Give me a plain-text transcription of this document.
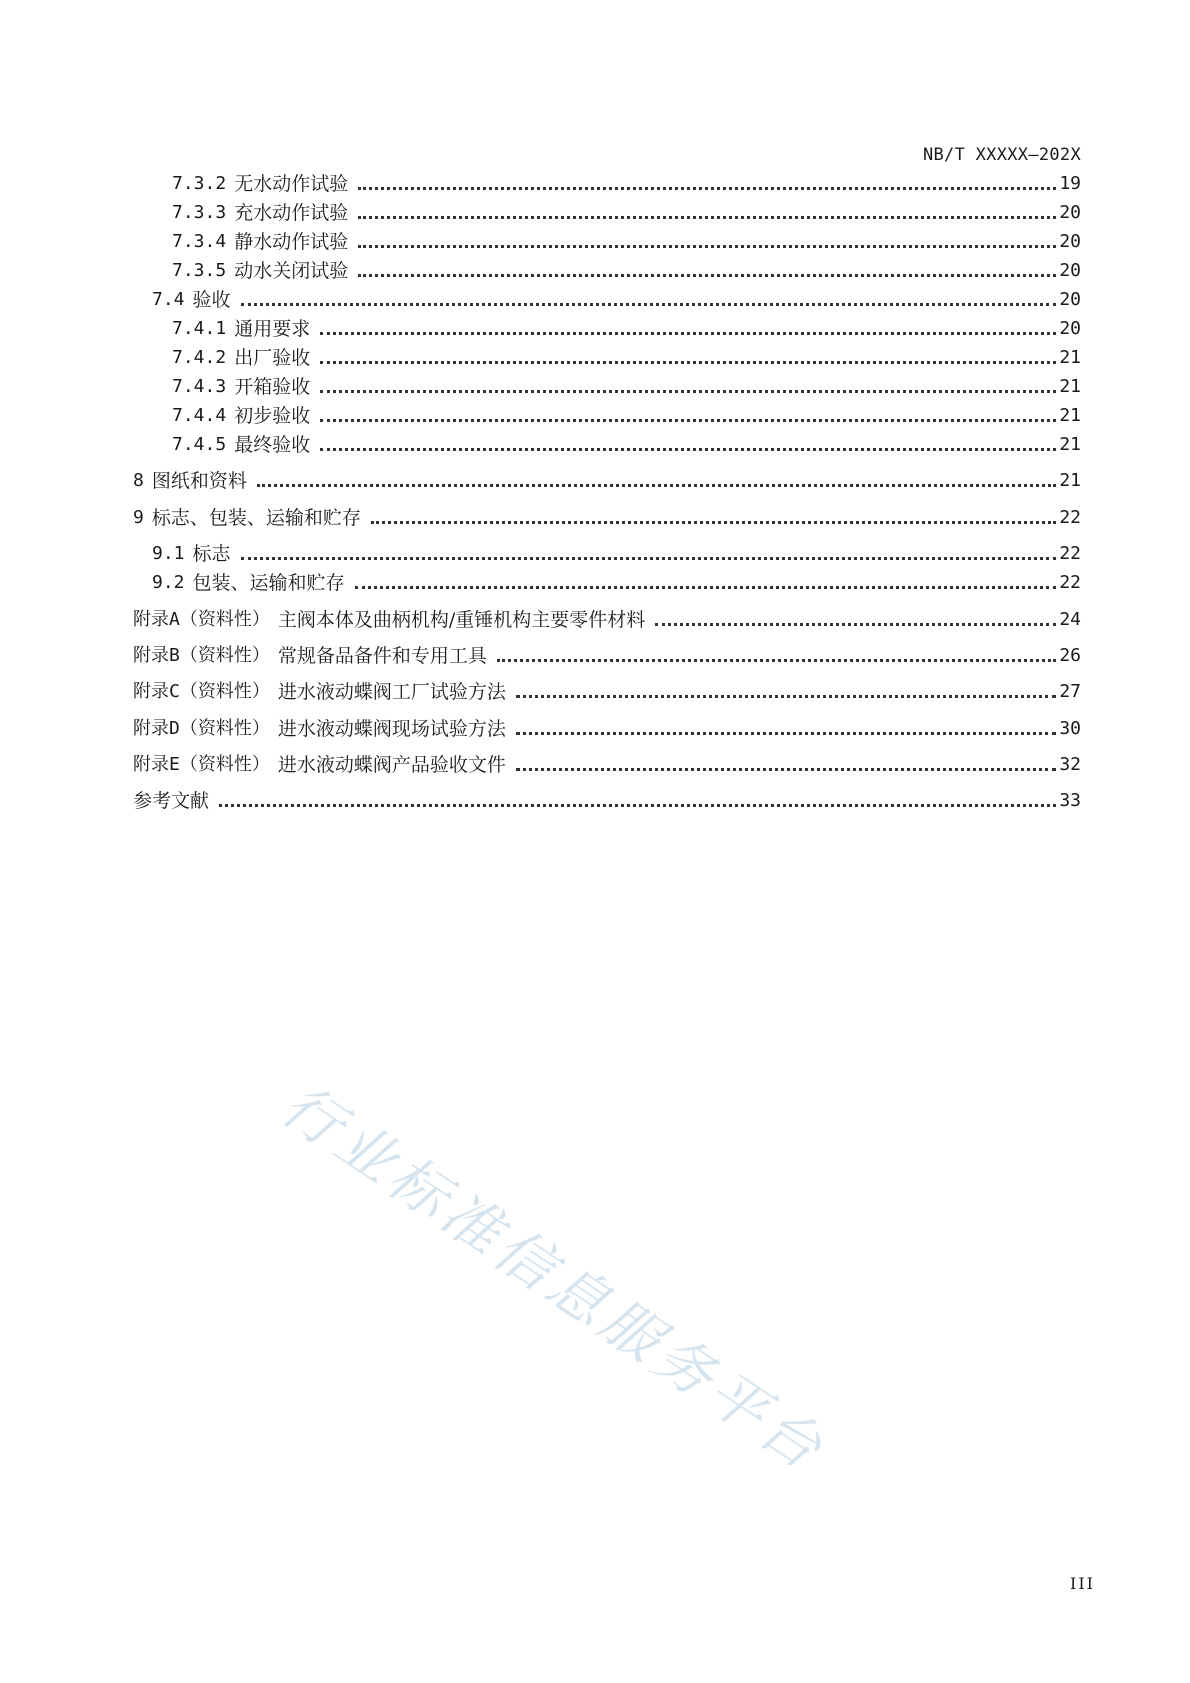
NB/T XXXXX—202X
7.3.2 无水动作试验	19
7.3.3 充水动作试验	20
7.3.4 静水动作试验	20
7.3.5 动水关闭试验	20
7.4 验收	20
7.4.1 通用要求	20
7.4.2 出厂验收	21
7.4.3 开箱验收	21
7.4.4 初步验收	21
7.4.5 最终验收	21
8 图纸和资料	21
9 标志、包装、运输和贮存	22
9.1 标志	22
9.2 包装、运输和贮存	22
附录A（资料性） 主阀本体及曲柄机构/重锤机构主要零件材料	24
附录B（资料性） 常规备品备件和专用工具	26
附录C（资料性） 进水液动蝶阀工厂试验方法	27
附录D（资料性） 进水液动蝶阀现场试验方法	30
附录E（资料性） 进水液动蝶阀产品验收文件	32
参考文献	33
行业标准信息服务平台
III
